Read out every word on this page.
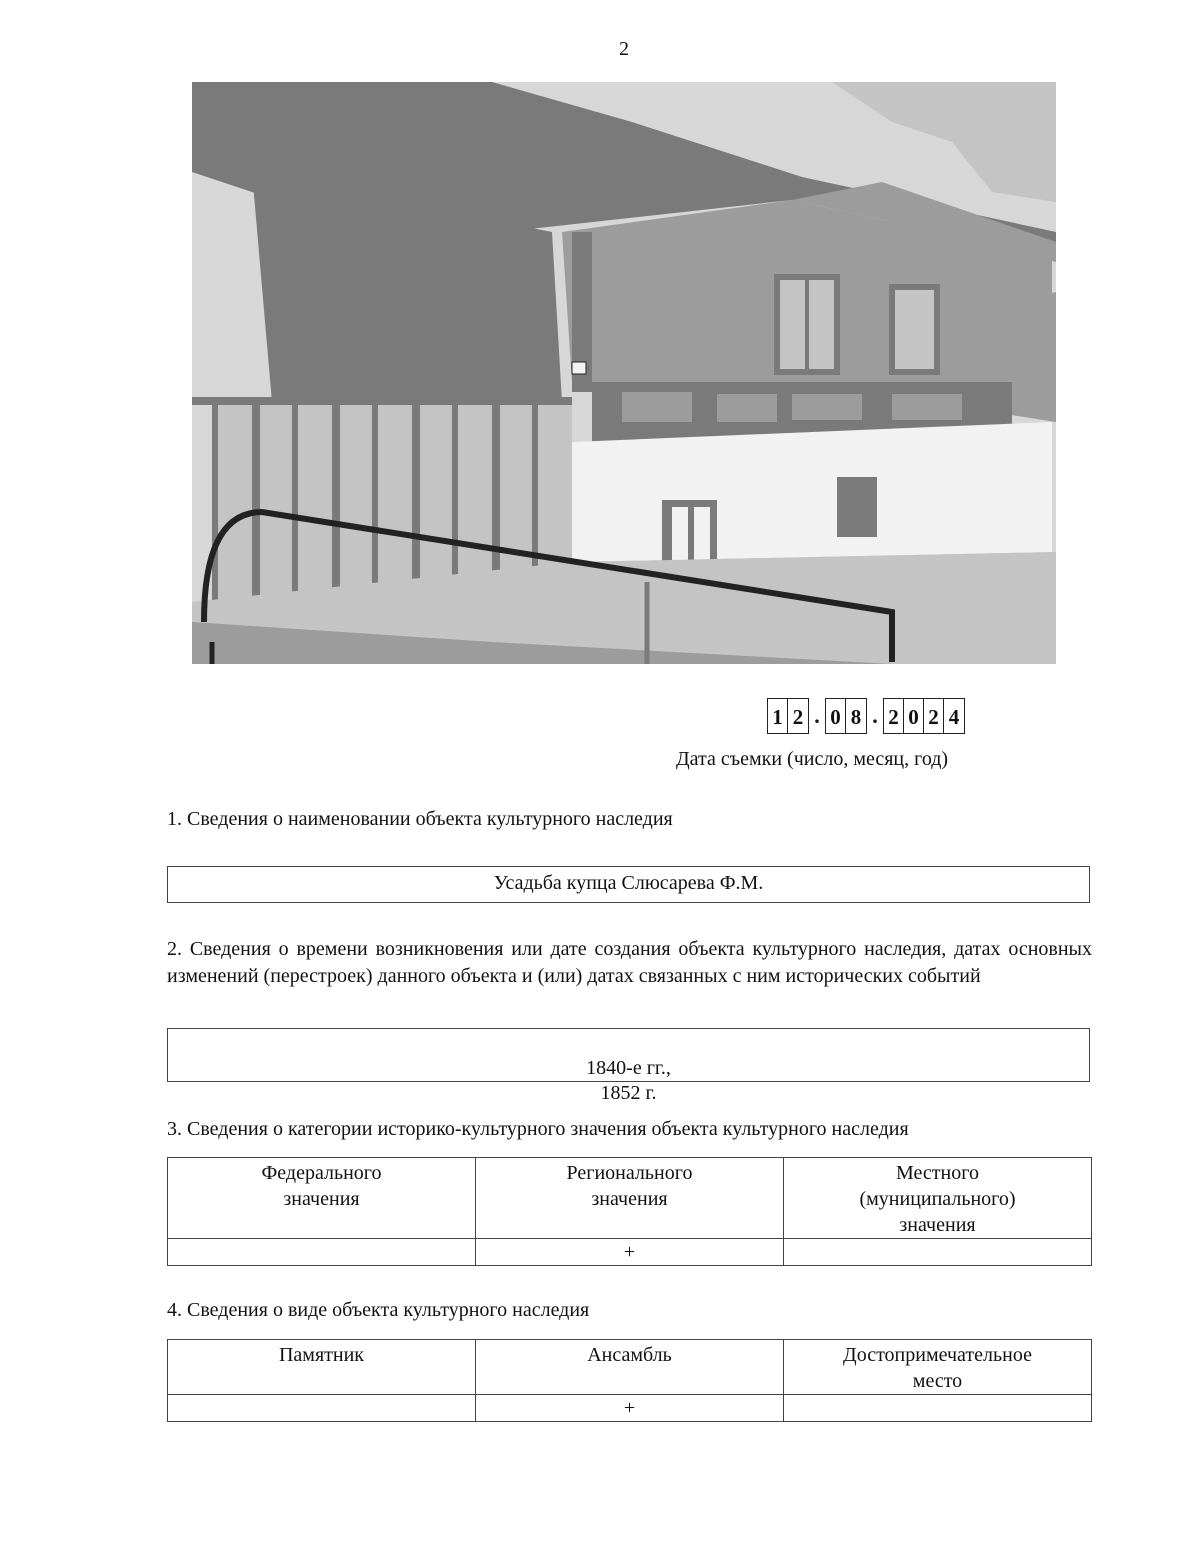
2
1 2 . 0 8 . 2 0 2 4
Дата съемки (число, месяц, год)
1. Сведения о наименовании объекта культурного наследия
Усадьба купца Слюсарева Ф.М.
2. Сведения о времени возникновения или дате создания объекта культурного наследия, датах основных изменений (перестроек) данного объекта и (или) датах связанных с ним исторических событий

1840-е гг.,
1852 г.

3. Сведения о категории историко-культурного значения объекта культурного наследия
Федерального
значения	Регионального
значения	Местного
(муниципального)
значения
	+	
4. Сведения о виде объекта культурного наследия
Памятник	Ансамбль	Достопримечательное
место
	+	
